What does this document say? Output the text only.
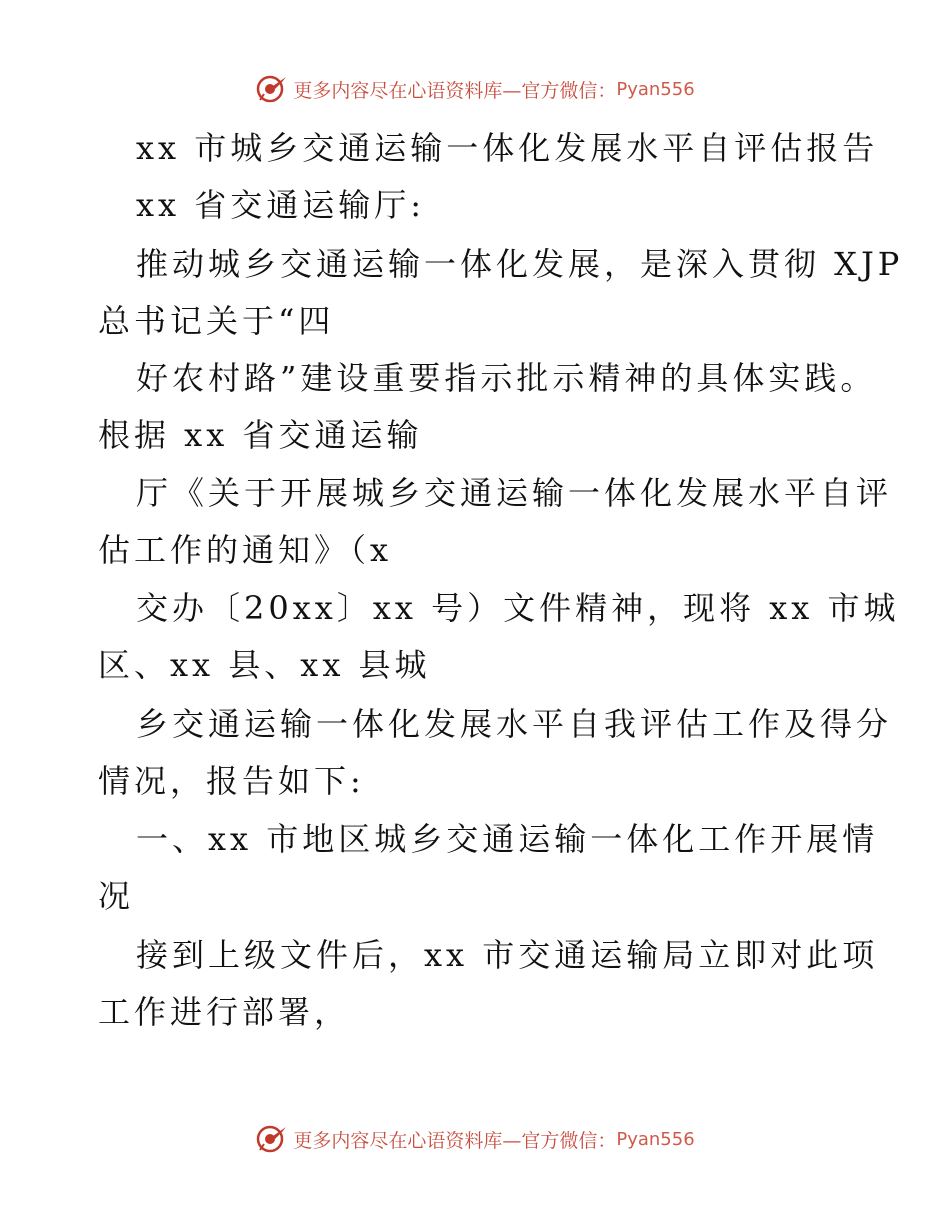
更多内容尽在心语资料库—官方微信： Pyan556
xx 市城乡交通运输一体化发展水平自评估报告
xx 省交通运输厅:
推动城乡交通运输一体化发展，是深入贯彻 XJP
总书记关于“四
好农村路”建设重要指示批示精神的具体实践。
根据 xx 省交通运输
厅《关于开展城乡交通运输一体化发展水平自评
估工作的通知》（x
交办〔20xx〕xx 号）文件精神，现将 xx 市城
区、xx 县、xx 县城
乡交通运输一体化发展水平自我评估工作及得分
情况，报告如下:
一、xx 市地区城乡交通运输一体化工作开展情
况
接到上级文件后，xx 市交通运输局立即对此项
工作进行部署，
更多内容尽在心语资料库—官方微信： Pyan556
